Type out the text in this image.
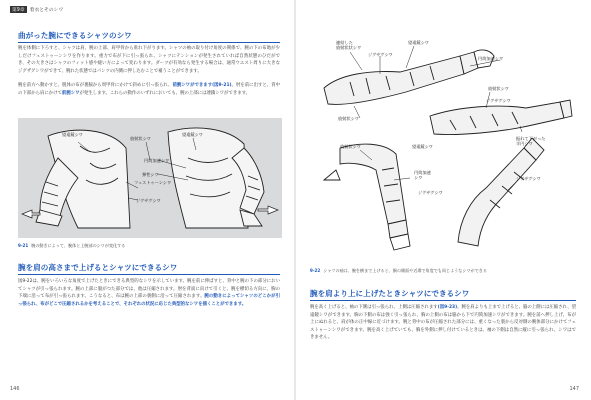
第9章 着衣とそのシワ
曲がった腕にできるシャツのシワ
腕を体側に下ろすと、シャツは肩、腕の上部、肩甲骨から垂れ下がります。シャツの袖の取り付け角度の関係で、腕の下の布地が少しだけフェストゥーンシワを作ります。重力で布が下に引っ張られ、シャツにテンションが発生されていれば自然状態のひだができ、その大きさはシャツのフィット感や縫い方によって変わります。ダーツが有効なら発生する場合は、通常ウエスト周りに大きなジグザグシワができて、腕れた状態ではパンツの内側に押し込むことで補うことができます。
腕を前方へ動かすと、脱体の布が裏脇から周甲骨にかけて斜めに引っ張られ、前腕シワができます(図9-21)。肘を前に出すと、背中の下部から肩にかけて前腕シワが発生します。これらの動作のいずれにおいても、腕の上部には連鎖シワができます。
望遠鏡シワ
放射状シワ
望遠鏡シワ
円筒加速シワ
フェストゥーンシワ
弾性シワ
ジグザグシワ
9-21 腕の動きによって、腕体と上腕部のシワが変化する
腕を肩の高さまで上げるとシャツにできるシワ
図9-22は、腕をいろいろな角度で上げたときにできる典型的なシワを示しています。腕を前に伸ばすと、背中と腕の下の部分においてシャツが引っ張られます。腕の上部に服がつた部分では、他は圧縮されます。肘を背面に向けて引くと、腕を横切る方向に、胸の下端に沿って布が引っ張られます。こうなると、布は腕の上部の裏側に沿って圧縮されます。腕の動きによってシャツのどこかが引っ張られ、布がどこで圧縮されるかを考えることで、それぞれの状況に応じた典型的なシワを描くことができます。
146
連結した
放射状状シワ
望遠鏡シワ
ジグザグシワ
放射状シワ
円筒加速シワ
放射状シワ
ジグザグシワ
振れて下がった
半円シワ
放射状シワ	望遠鏡シワ
円筒加速
シワ
ジグザグシワ
ジグザグシワ
9-22 シャツの袖は、腕を横まで上げると、胴の側面や近場で角度でも同じようなシワができる
腕を肩より上に上げたときシャツにできるシワ
腕を高く上げると、袖の下側は引っ張られ、上側は圧縮されます(図9-23)。腕を肩よりも上まで上げると、脇の上側には圧縮され、望遠鏡シワができます。胸の下側の布は強く引っ張られ、胸の上側の布は脇から下で円筒加速シワができます。腕を前へ押し上げ、布が上にぬれると、肩が体の正中線に近づけます。腕と背中の布が圧縮された部分には、重くなった裏から反対側の腕体部分にかけてフェストゥーンシワができます。腕を高く上げていても、胸を外側に押し付けているときは、袖の下側は自然に縦に引っ張られ、シワはできません。
147
